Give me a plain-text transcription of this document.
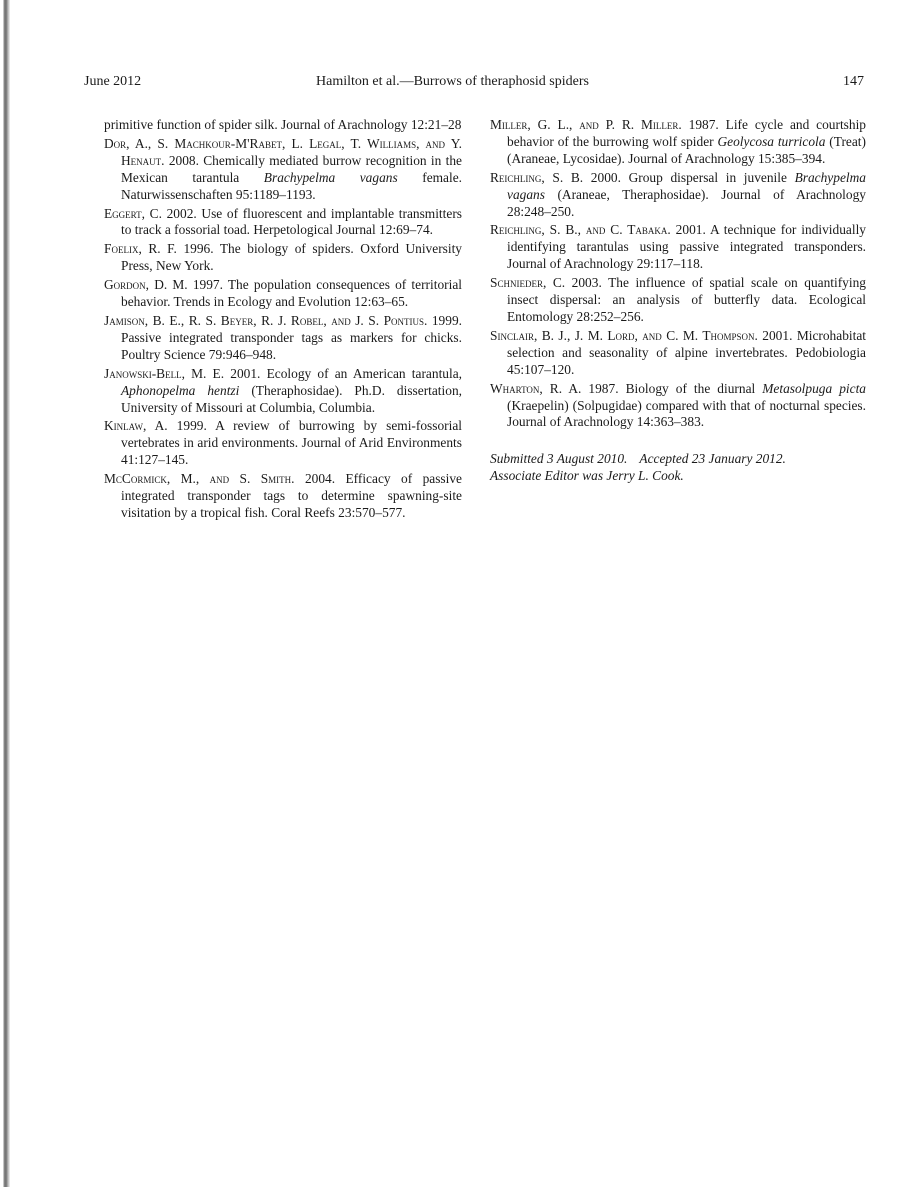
June 2012	Hamilton et al.—Burrows of theraphosid spiders	147

primitive function of spider silk. Journal of Arachnology 12:21–28

Dor, A., S. Machkour-M'Rabet, L. Legal, T. Williams, and Y. Henaut. 2008. Chemically mediated burrow recognition in the Mexican tarantula Brachypelma vagans female. Naturwissenschaften 95:1189–1193.

Eggert, C. 2002. Use of fluorescent and implantable transmitters to track a fossorial toad. Herpetological Journal 12:69–74.

Foelix, R. F. 1996. The biology of spiders. Oxford University Press, New York.

Gordon, D. M. 1997. The population consequences of territorial behavior. Trends in Ecology and Evolution 12:63–65.

Jamison, B. E., R. S. Beyer, R. J. Robel, and J. S. Pontius. 1999. Passive integrated transponder tags as markers for chicks. Poultry Science 79:946–948.

Janowski-Bell, M. E. 2001. Ecology of an American tarantula, Aphonopelma hentzi (Theraphosidae). Ph.D. dissertation, University of Missouri at Columbia, Columbia.

Kinlaw, A. 1999. A review of burrowing by semi-fossorial vertebrates in arid environments. Journal of Arid Environments 41:127–145.

McCormick, M., and S. Smith. 2004. Efficacy of passive integrated transponder tags to determine spawning-site visitation by a tropical fish. Coral Reefs 23:570–577.

Miller, G. L., and P. R. Miller. 1987. Life cycle and courtship behavior of the burrowing wolf spider Geolycosa turricola (Treat) (Araneae, Lycosidae). Journal of Arachnology 15:385–394.

Reichling, S. B. 2000. Group dispersal in juvenile Brachypelma vagans (Araneae, Theraphosidae). Journal of Arachnology 28:248–250.

Reichling, S. B., and C. Tabaka. 2001. A technique for individually identifying tarantulas using passive integrated transponders. Journal of Arachnology 29:117–118.

Schnieder, C. 2003. The influence of spatial scale on quantifying insect dispersal: an analysis of butterfly data. Ecological Entomology 28:252–256.

Sinclair, B. J., J. M. Lord, and C. M. Thompson. 2001. Microhabitat selection and seasonality of alpine invertebrates. Pedobiologia 45:107–120.

Wharton, R. A. 1987. Biology of the diurnal Metasolpuga picta (Kraepelin) (Solpugidae) compared with that of nocturnal species. Journal of Arachnology 14:363–383.

Submitted 3 August 2010. Accepted 23 January 2012.
Associate Editor was Jerry L. Cook.
